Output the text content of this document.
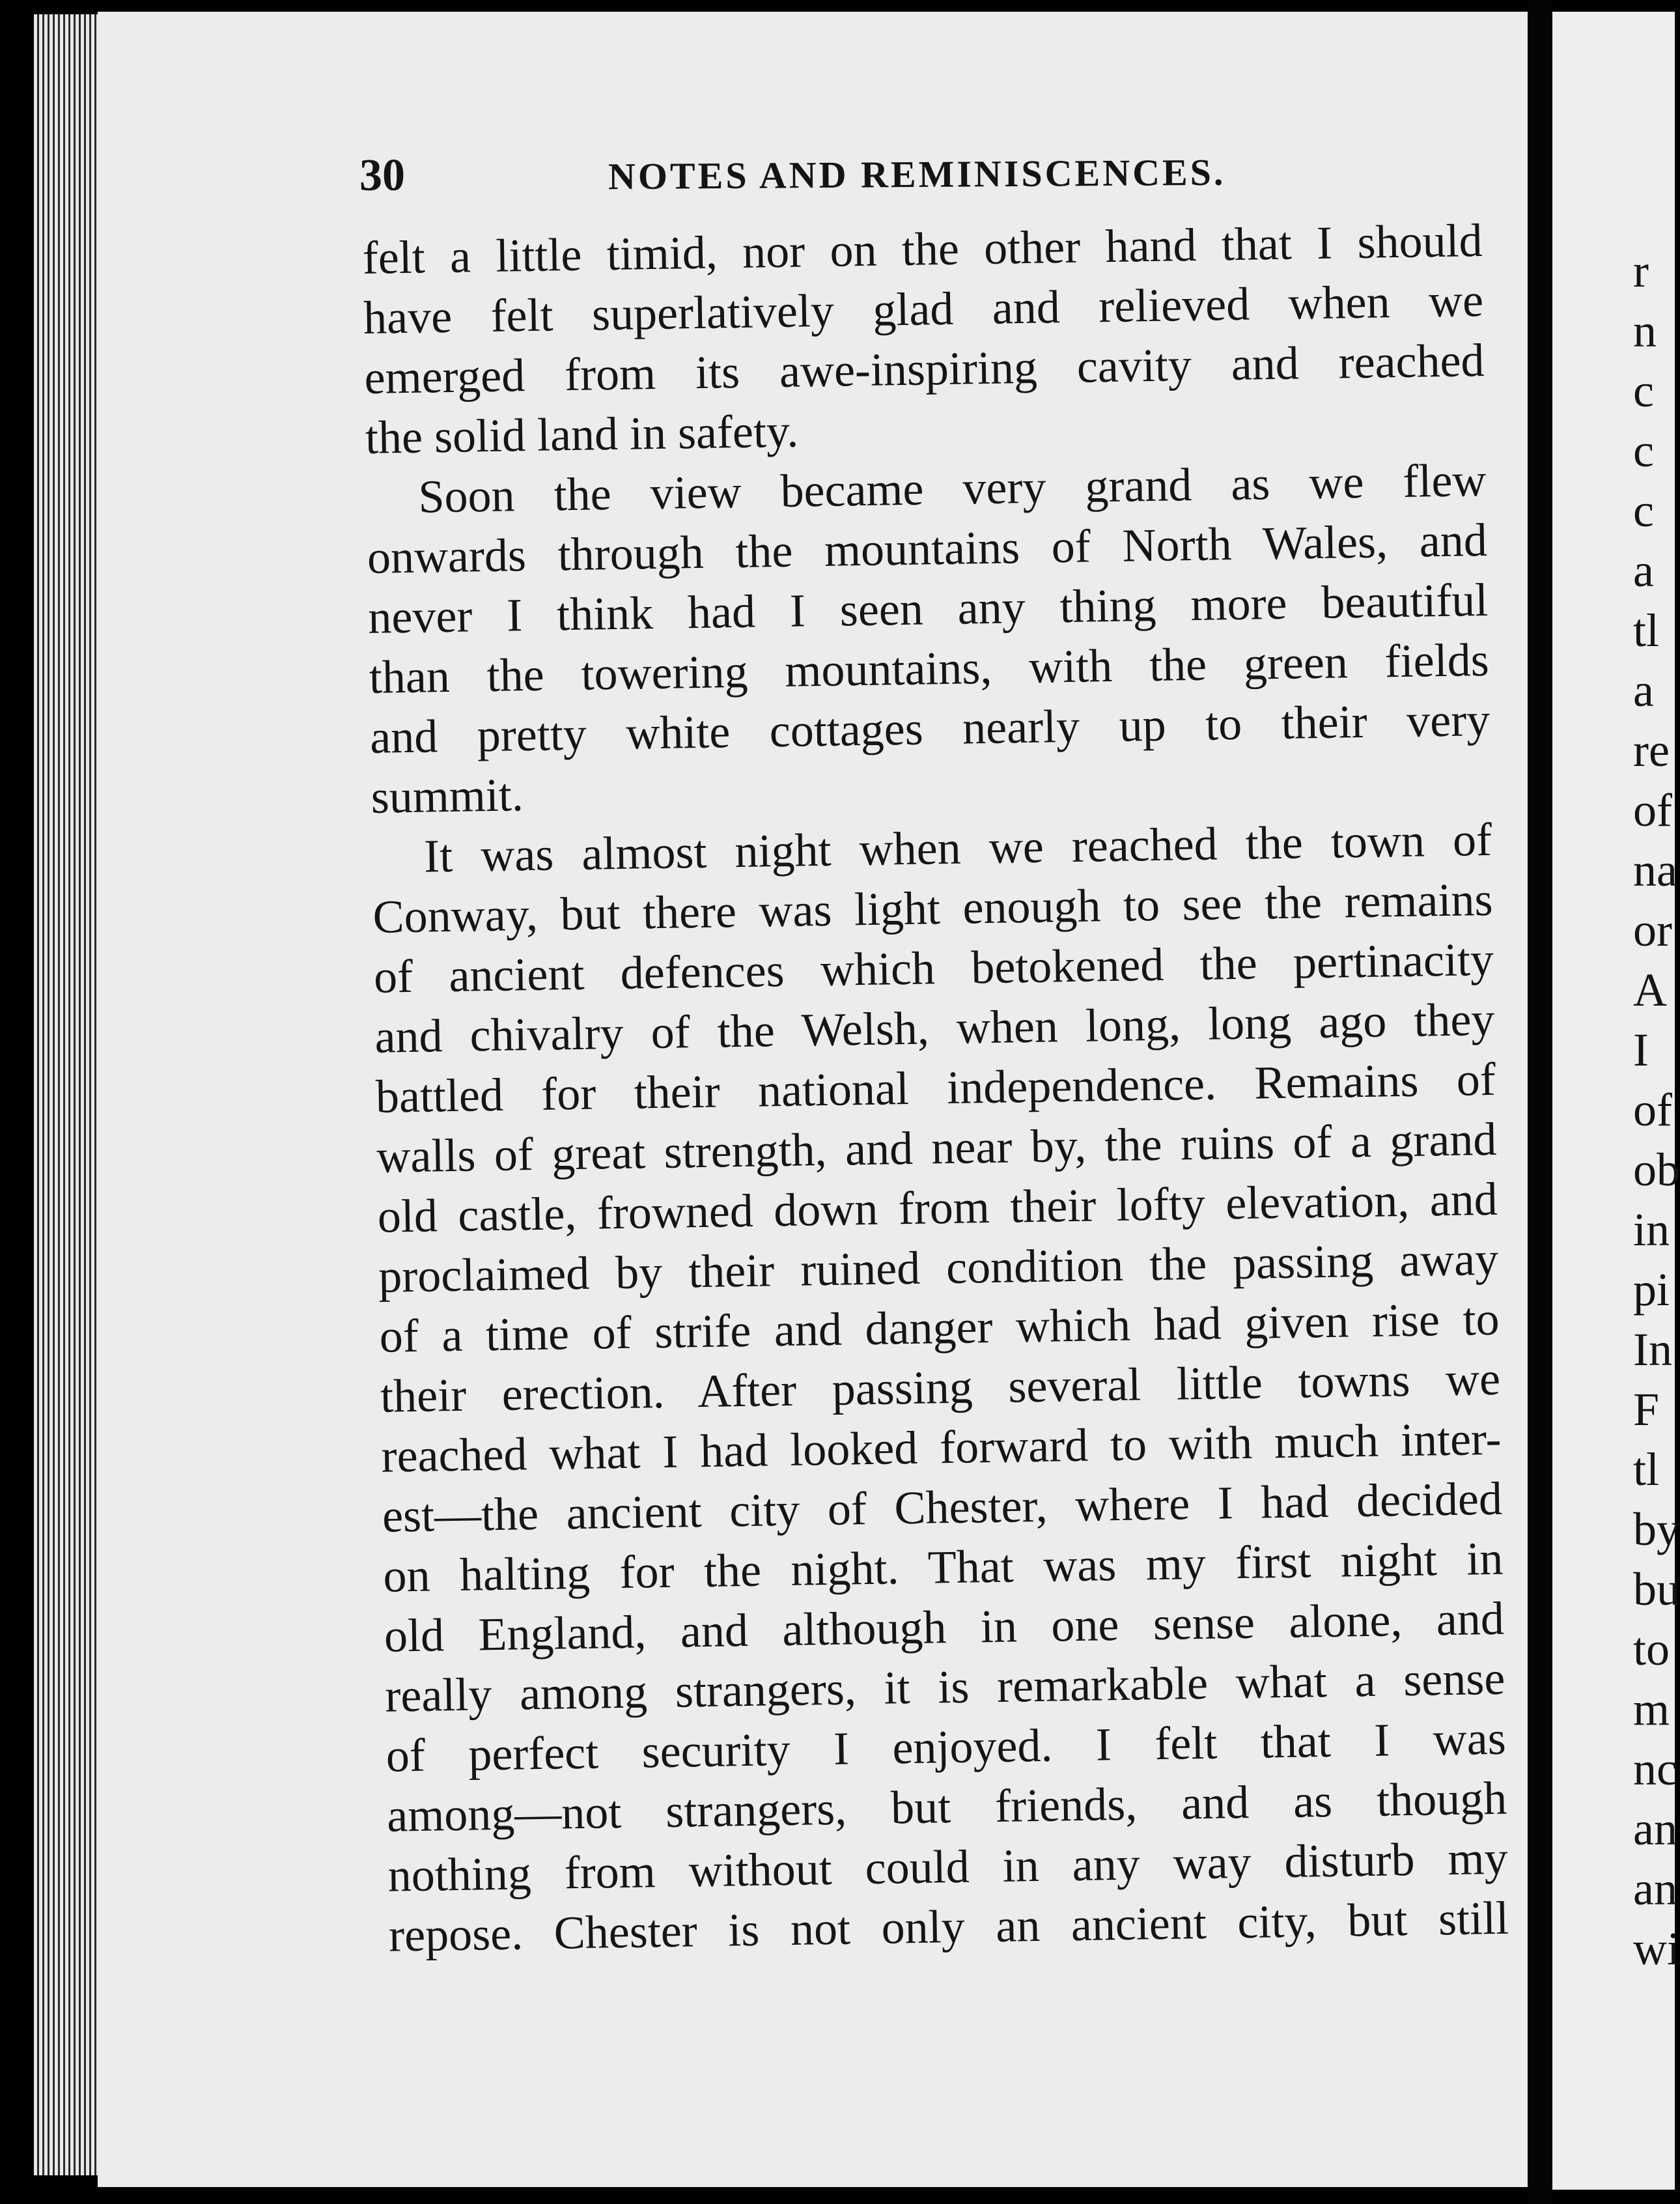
30	NOTES AND REMINISCENCES.
felt a little timid, nor on the other hand that I should
have felt superlatively glad and relieved when we
emerged from its awe-inspiring cavity and reached
the solid land in safety.
Soon the view became very grand as we flew
onwards through the mountains of North Wales, and
never I think had I seen any thing more beautiful
than the towering mountains, with the green fields
and pretty white cottages nearly up to their very
summit.
It was almost night when we reached the town of
Conway, but there was light enough to see the remains
of ancient defences which betokened the pertinacity
and chivalry of the Welsh, when long, long ago they
battled for their national independence. Remains of
walls of great strength, and near by, the ruins of a grand
old castle, frowned down from their lofty elevation, and
proclaimed by their ruined condition the passing away
of a time of strife and danger which had given rise to
their erection. After passing several little towns we
reached what I had looked forward to with much inter-
est—the ancient city of Chester, where I had decided
on halting for the night. That was my first night in
old England, and although in one sense alone, and
really among strangers, it is remarkable what a sense
of perfect security I enjoyed. I felt that I was
among—not strangers, but friends, and as though
nothing from without could in any way disturb my
repose. Chester is not only an ancient city, but still
r
n
c
c
c
a
tl
a
re
of
na
or
A
I
of
ob
in
pi
In
F
tl
by
bu
to
m
nc
an
an
wi
